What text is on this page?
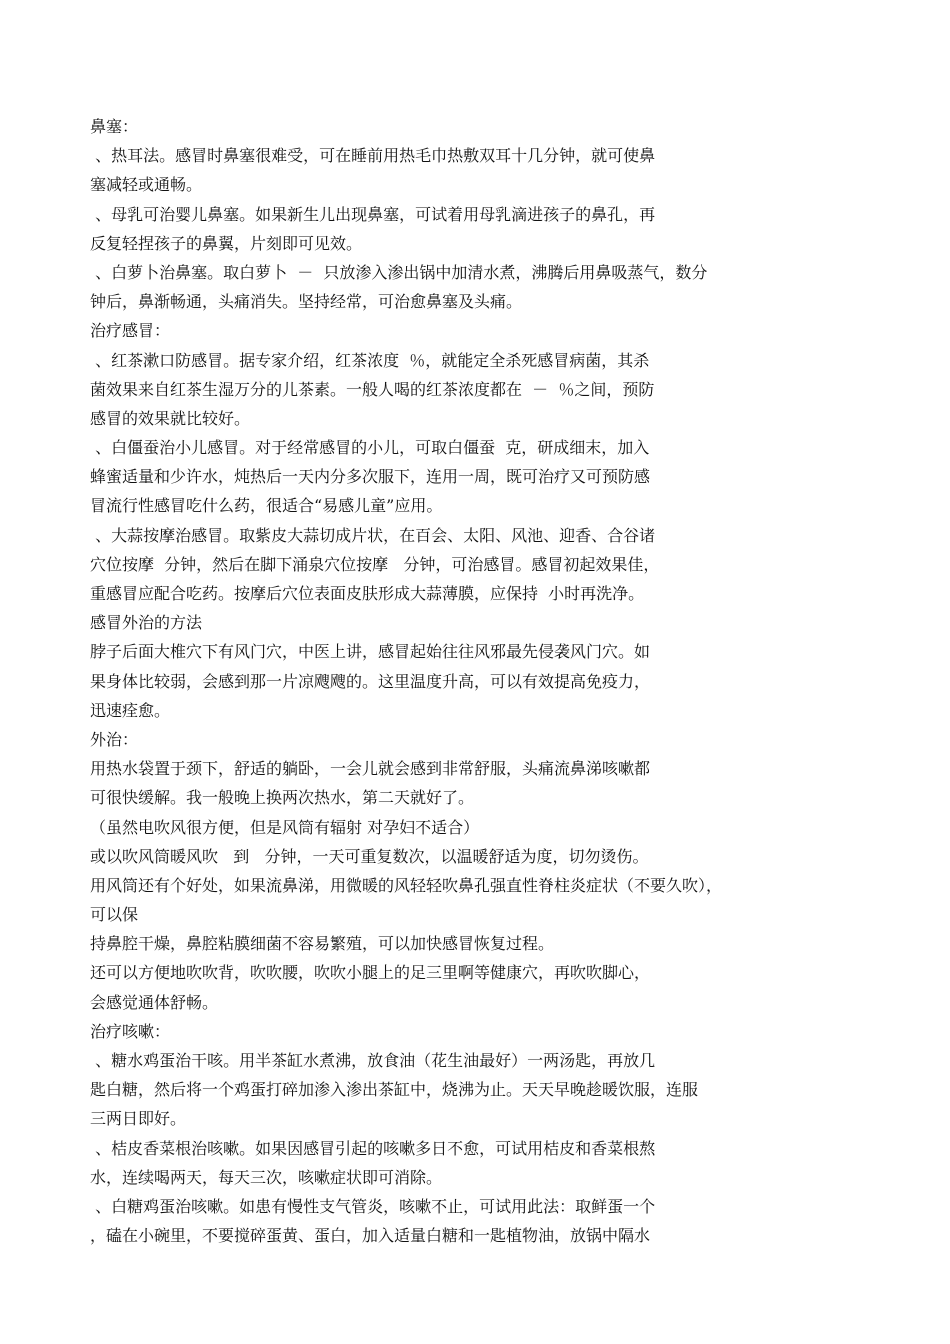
鼻塞：
、热耳法。感冒时鼻塞很难受，可在睡前用热毛巾热敷双耳十几分钟，就可使鼻
塞减轻或通畅。
、母乳可治婴儿鼻塞。如果新生儿出现鼻塞，可试着用母乳滴进孩子的鼻孔，再
反复轻捏孩子的鼻翼，片刻即可见效。
、白萝卜治鼻塞。取白萝卜  －  只放渗入渗出锅中加清水煮，沸腾后用鼻吸蒸气，数分
钟后，鼻渐畅通，头痛消失。坚持经常，可治愈鼻塞及头痛。
治疗感冒：
、红茶漱口防感冒。据专家介绍，红茶浓度  ％，就能定全杀死感冒病菌，其杀
菌效果来自红茶生湿万分的儿茶素。一般人喝的红茶浓度都在  －  ％之间，预防
感冒的效果就比较好。
、白僵蚕治小儿感冒。对于经常感冒的小儿，可取白僵蚕  克，研成细末，加入
蜂蜜适量和少许水，炖热后一天内分多次服下，连用一周，既可治疗又可预防感
冒流行性感冒吃什么药，很适合“易感儿童”应用。
、大蒜按摩治感冒。取紫皮大蒜切成片状，在百会、太阳、风池、迎香、合谷诸
穴位按摩  分钟，然后在脚下涌泉穴位按摩   分钟，可治感冒。感冒初起效果佳，
重感冒应配合吃药。按摩后穴位表面皮肤形成大蒜薄膜，应保持  小时再洗净。
感冒外治的方法
脖子后面大椎穴下有风门穴，中医上讲，感冒起始往往风邪最先侵袭风门穴。如
果身体比较弱，会感到那一片凉飕飕的。这里温度升高，可以有效提高免疫力，
迅速痊愈。
外治：
用热水袋置于颈下，舒适的躺卧，一会儿就会感到非常舒服，头痛流鼻涕咳嗽都
可很快缓解。我一般晚上换两次热水，第二天就好了。
（虽然电吹风很方便，但是风筒有辐射 对孕妇不适合）
或以吹风筒暖风吹   到   分钟，一天可重复数次，以温暖舒适为度，切勿烫伤。
用风筒还有个好处，如果流鼻涕，用微暖的风轻轻吹鼻孔强直性脊柱炎症状（不要久吹），
可以保
持鼻腔干燥，鼻腔粘膜细菌不容易繁殖，可以加快感冒恢复过程。
还可以方便地吹吹背，吹吹腰，吹吹小腿上的足三里啊等健康穴，再吹吹脚心，
会感觉通体舒畅。
治疗咳嗽：
、糖水鸡蛋治干咳。用半茶缸水煮沸，放食油（花生油最好）一两汤匙，再放几
匙白糖，然后将一个鸡蛋打碎加渗入渗出茶缸中，烧沸为止。天天早晚趁暖饮服，连服
三两日即好。
、桔皮香菜根治咳嗽。如果因感冒引起的咳嗽多日不愈，可试用桔皮和香菜根熬
水，连续喝两天，每天三次，咳嗽症状即可消除。
、白糖鸡蛋治咳嗽。如患有慢性支气管炎，咳嗽不止，可试用此法：取鲜蛋一个
，磕在小碗里，不要搅碎蛋黄、蛋白，加入适量白糖和一匙植物油，放锅中隔水
